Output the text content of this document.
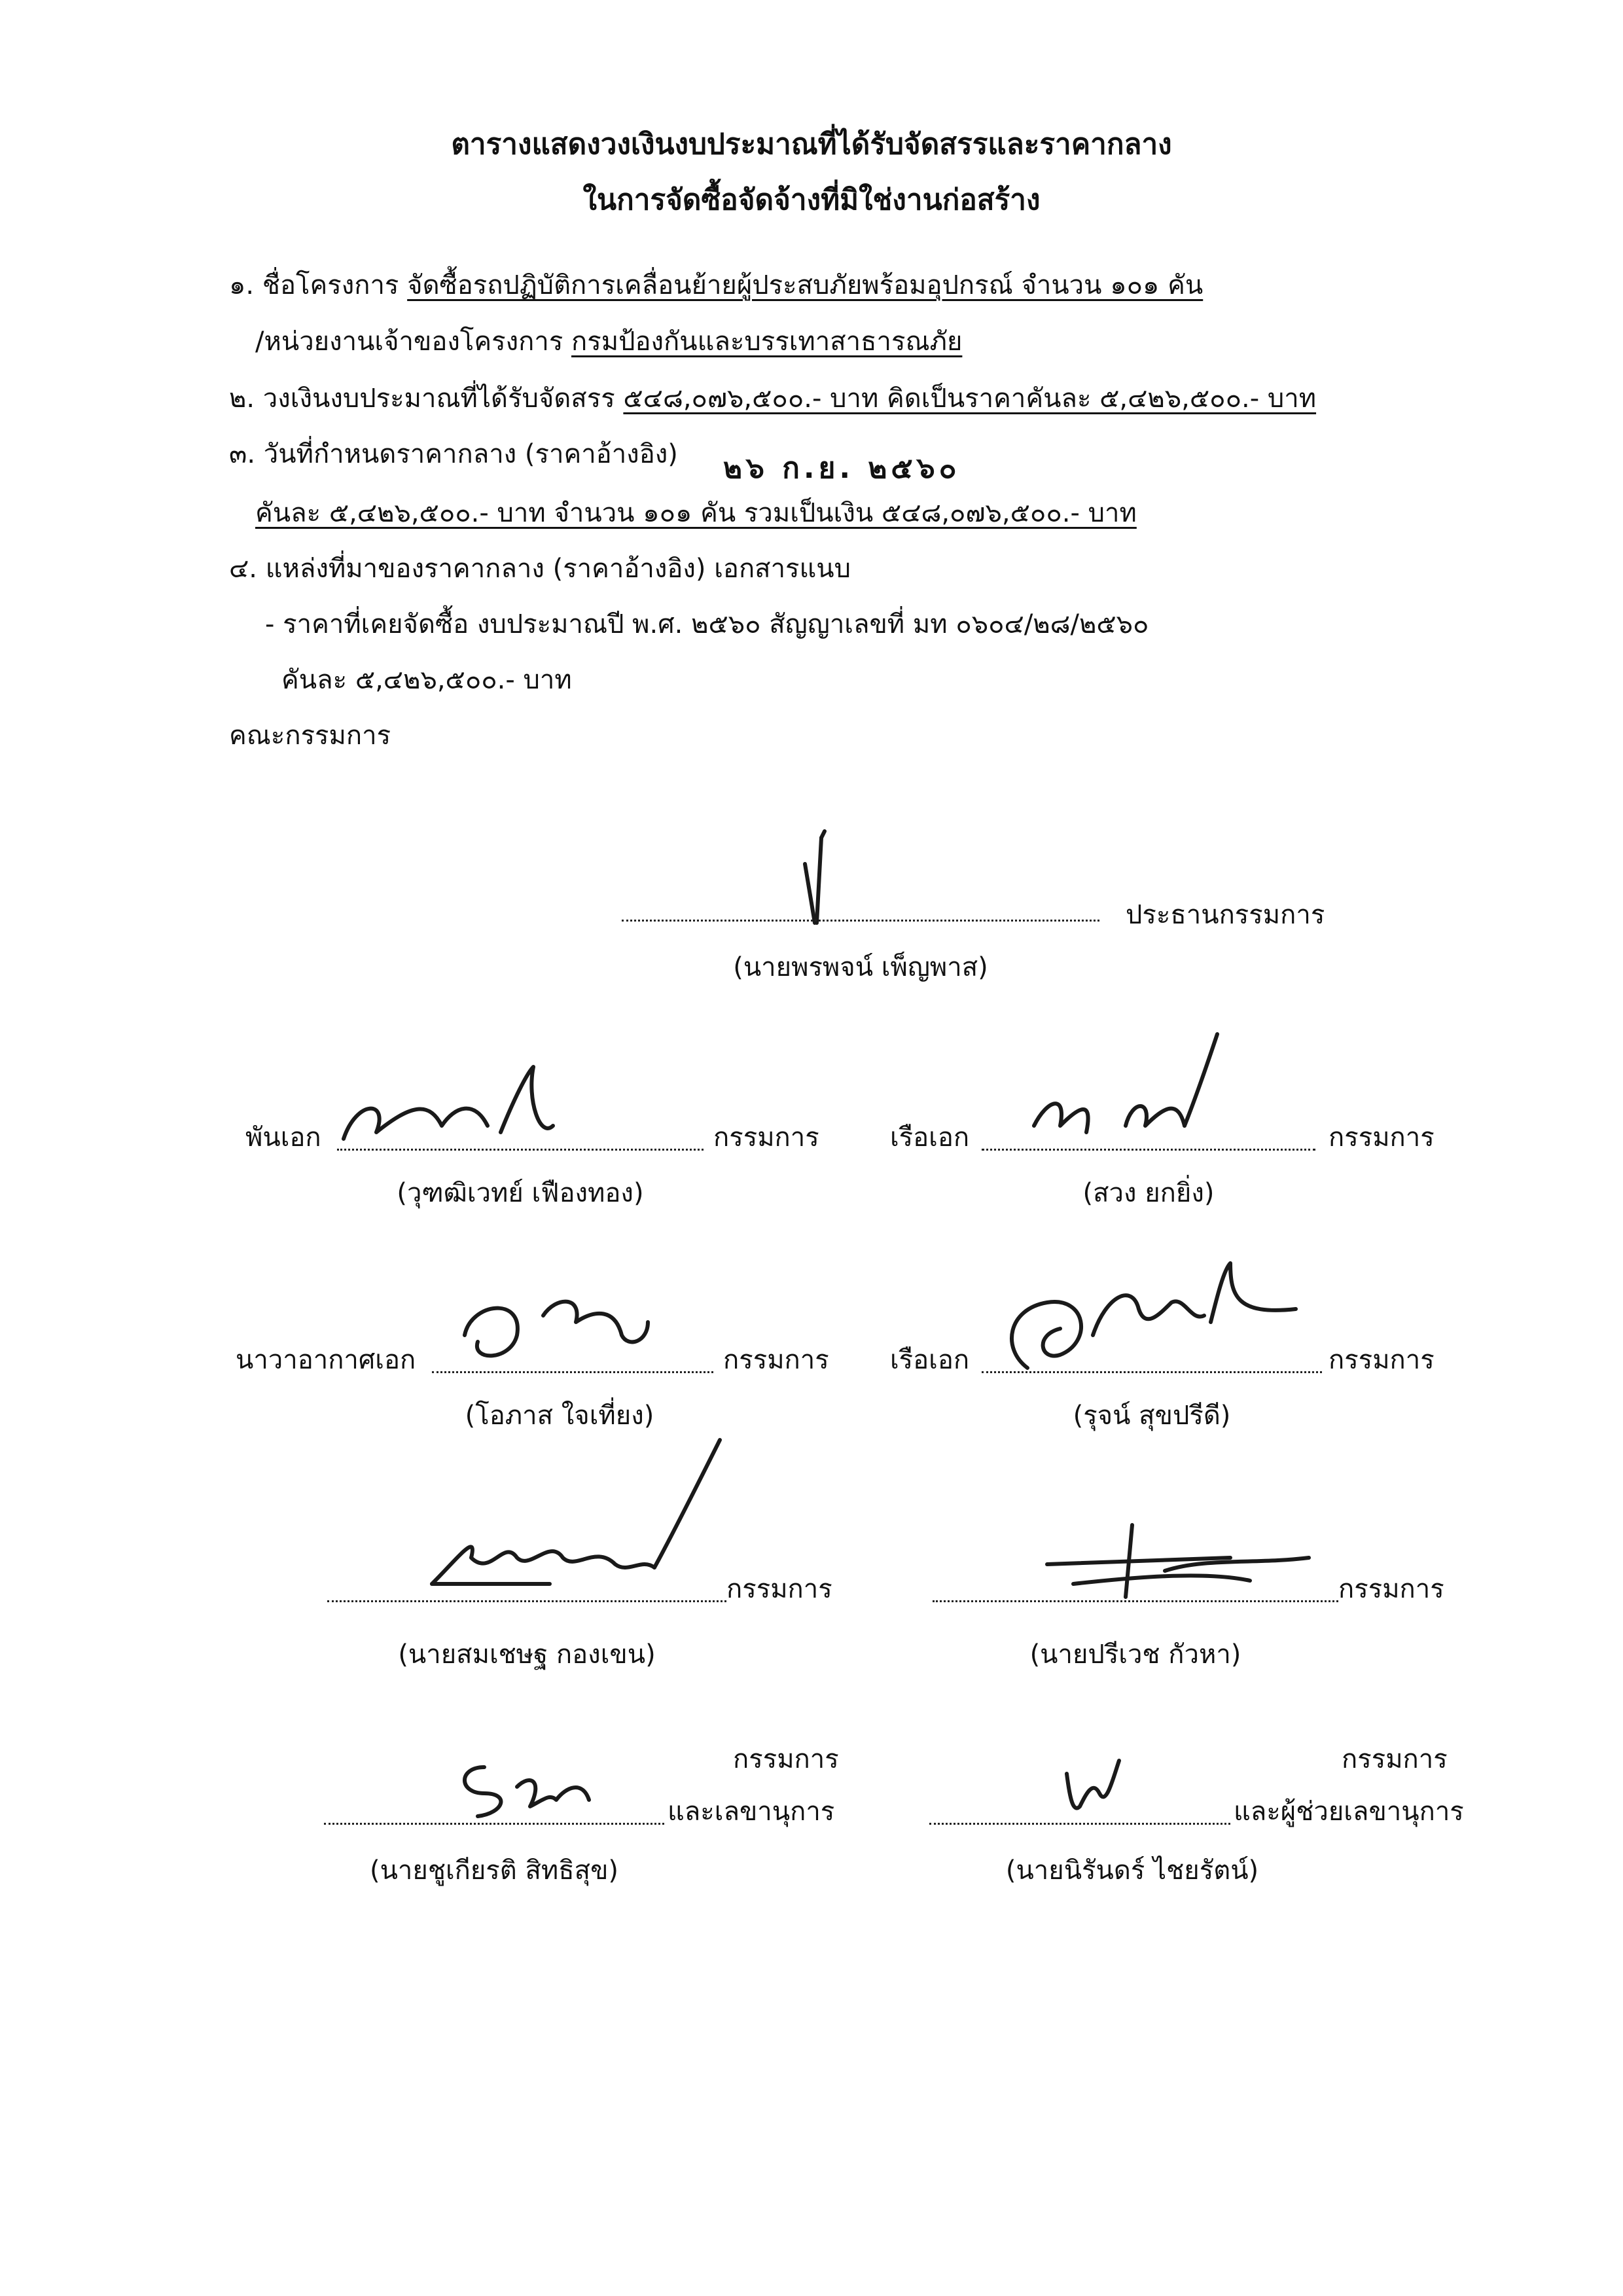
ตารางแสดงวงเงินงบประมาณที่ได้รับจัดสรรและราคากลาง
ในการจัดซื้อจัดจ้างที่มิใช่งานก่อสร้าง
๑. ชื่อโครงการ จัดซื้อรถปฏิบัติการเคลื่อนย้ายผู้ประสบภัยพร้อมอุปกรณ์ จำนวน ๑๐๑ คัน
/หน่วยงานเจ้าของโครงการ กรมป้องกันและบรรเทาสาธารณภัย
๒. วงเงินงบประมาณที่ได้รับจัดสรร ๕๔๘,๐๗๖,๕๐๐.- บาท คิดเป็นราคาคันละ ๕,๔๒๖,๕๐๐.- บาท
๓. วันที่กำหนดราคากลาง (ราคาอ้างอิง) ๒๖ ก.ย. ๒๕๖๐
คันละ ๕,๔๒๖,๕๐๐.- บาท จำนวน ๑๐๑ คัน รวมเป็นเงิน ๕๔๘,๐๗๖,๕๐๐.- บาท
๔. แหล่งที่มาของราคากลาง (ราคาอ้างอิง) เอกสารแนบ
- ราคาที่เคยจัดซื้อ งบประมาณปี พ.ศ. ๒๕๖๐ สัญญาเลขที่ มท ๐๖๐๔/๒๘/๒๕๖๐
คันละ ๕,๔๒๖,๕๐๐.- บาท
คณะกรรมการ
ประธานกรรมการ
(นายพรพจน์ เพ็ญพาส)
พันเอก	กรรมการ
(วุฑฒิเวทย์ เฟืองทอง)
เรือเอก	กรรมการ
(สวง ยกยิ่ง)
นาวาอากาศเอก	กรรมการ
(โอภาส ใจเที่ยง)
เรือเอก	กรรมการ
(รุจน์ สุขปรีดี)
กรรมการ
(นายสมเชษฐ กองเขน)
กรรมการ
(นายปรีเวช กัวหา)
กรรมการ
และเลขานุการ
(นายชูเกียรติ สิทธิสุข)
กรรมการ
และผู้ช่วยเลขานุการ
(นายนิรันดร์ ไชยรัตน์)
